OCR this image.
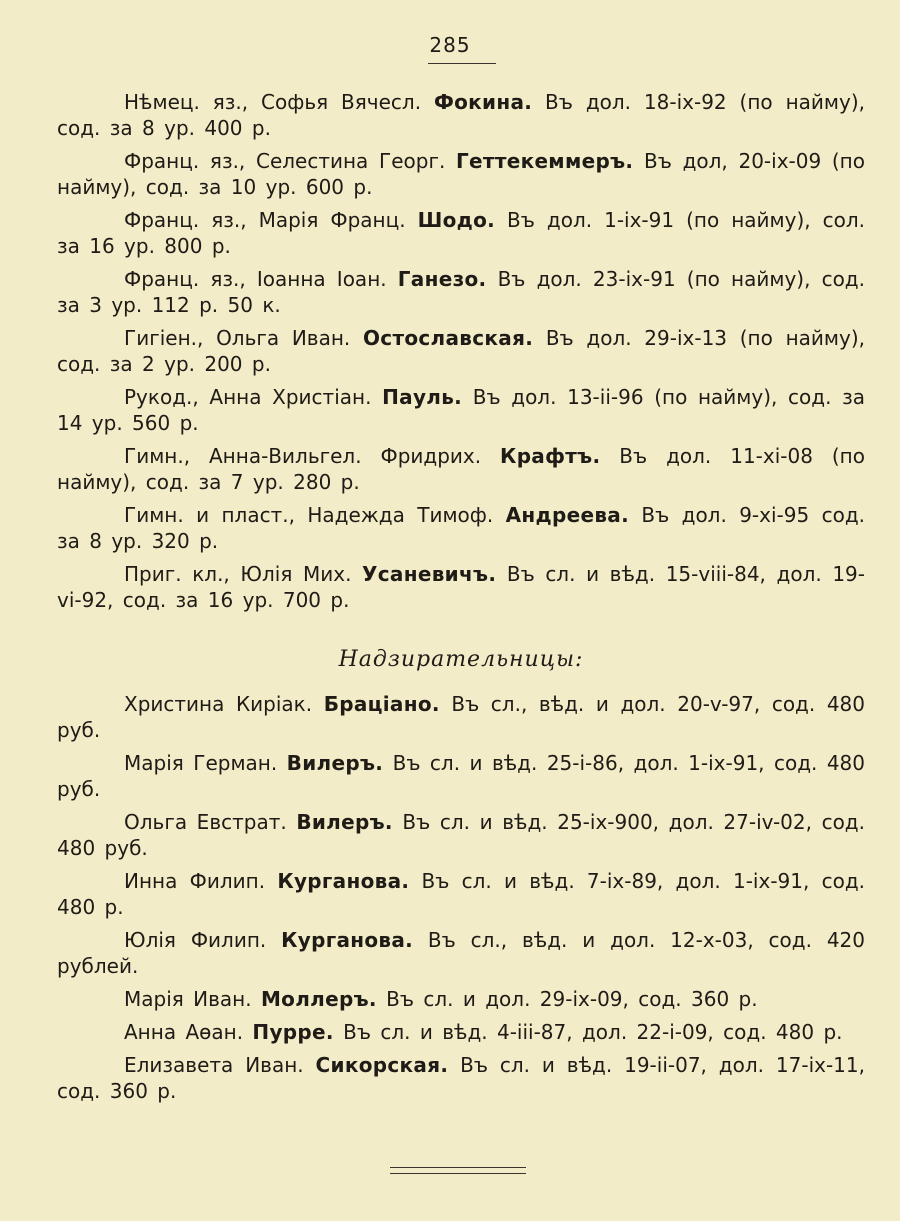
285

Нѣмец. яз., Софья Вячесл. Фокина. Въ дол. 18-ix-92 (по найму), сод. за 8 ур. 400 р.

Франц. яз., Селестина Георг. Геттекеммеръ. Въ дол, 20-ix-09 (по найму), сод. за 10 ур. 600 р.

Франц. яз., Марія Франц. Шодо. Въ дол. 1-ix-91 (по найму), сол. за 16 ур. 800 р.

Франц. яз., Іоанна Іоан. Ганезо. Въ дол. 23-ix-91 (по найму), сод. за 3 ур. 112 р. 50 к.

Гигіен., Ольга Иван. Остославская. Въ дол. 29-ix-13 (по найму), сод. за 2 ур. 200 р.

Рукод., Анна Христіан. Пауль. Въ дол. 13-ii-96 (по найму), сод. за 14 ур. 560 р.

Гимн., Анна-Вильгел. Фридрих. Крафтъ. Въ дол. 11-xi-08 (по найму), сод. за 7 ур. 280 р.

Гимн. и пласт., Надежда Тимоф. Андреева. Въ дол. 9-xi-95 сод. за 8 ур. 320 р.

Приг. кл., Юлія Мих. Усаневичъ. Въ сл. и вѣд. 15-viii-84, дол. 19-vi-92, сод. за 16 ур. 700 р.

Надзирательницы:

Христина Киріак. Брацiано. Въ сл., вѣд. и дол. 20-v-97, сод. 480 руб.

Марія Герман. Вилеръ. Въ сл. и вѣд. 25-i-86, дол. 1-ix-91, сод. 480 руб.

Ольга Евстрат. Вилеръ. Въ сл. и вѣд. 25-ix-900, дол. 27-iv-02, сод. 480 руб.

Инна Филип. Курганова. Въ сл. и вѣд. 7-ix-89, дол. 1-ix-91, сод. 480 р.

Юлія Филип. Курганова. Въ сл., вѣд. и дол. 12-x-03, сод. 420 рублей.

Марія Иван. Моллеръ. Въ сл. и дол. 29-ix-09, сод. 360 р.

Анна Аѳан. Пурре. Въ сл. и вѣд. 4-iii-87, дол. 22-i-09, сод. 480 р.

Елизавета Иван. Сикорская. Въ сл. и вѣд. 19-ii-07, дол. 17-ix-11, сод. 360 р.
